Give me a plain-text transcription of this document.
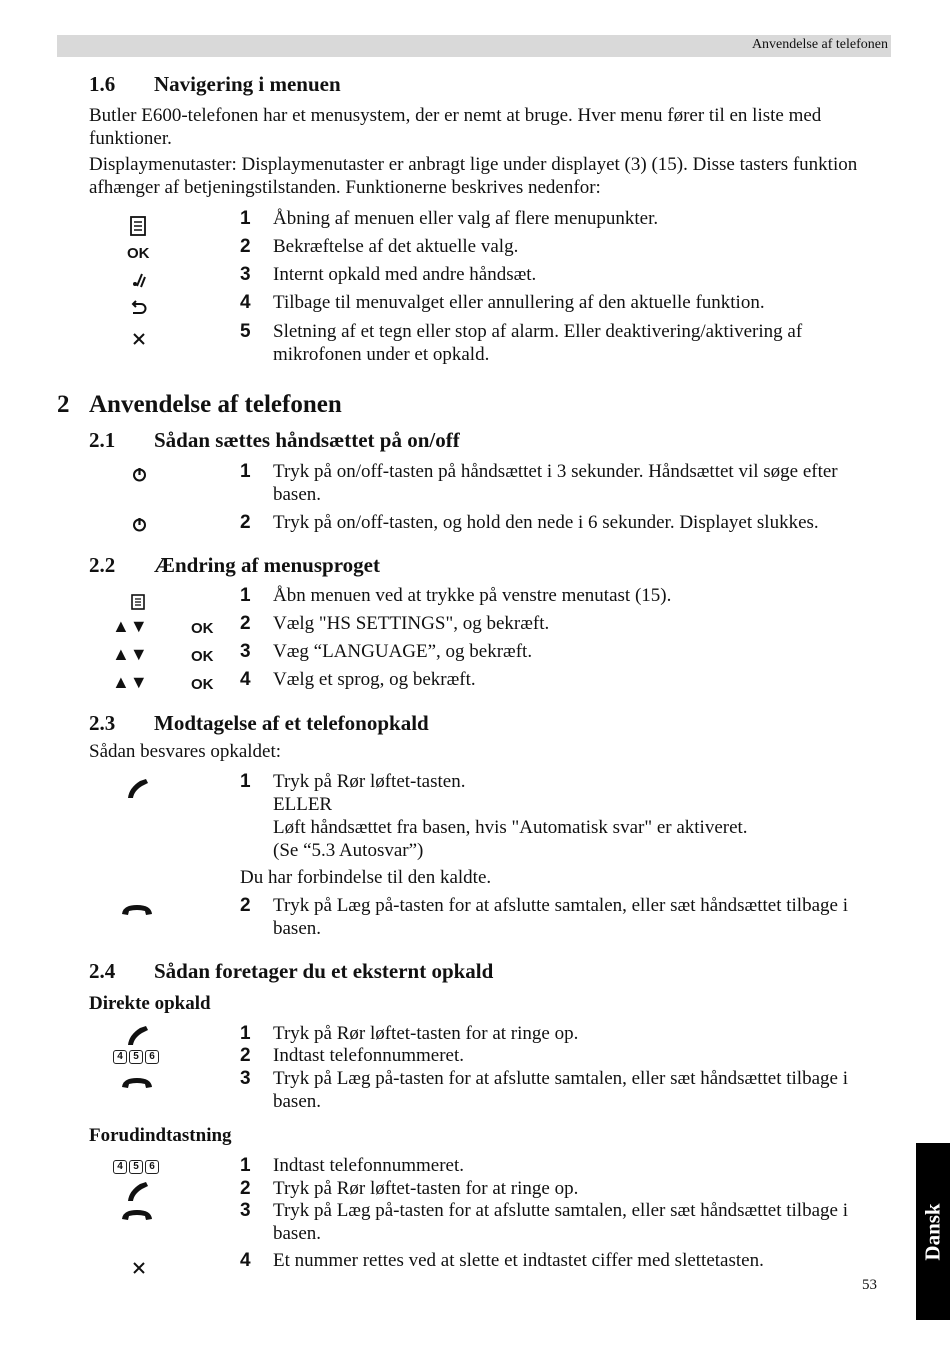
Anvendelse af telefonen
1.6 Navigering i menuen
Butler E600-telefonen har et menusystem, der er nemt at bruge. Hver menu fører til en liste med funktioner.
Displaymenutaster: Displaymenutaster er anbragt lige under displayet (3) (15). Disse tasters funktion afhænger af betjeningstilstanden. Funktionerne beskrives nedenfor:
OK
1 Åbning af menuen eller valg af flere menupunkter.
2 Bekræftelse af det aktuelle valg.
3 Internt opkald med andre håndsæt.
4 Tilbage til menuvalget eller annullering af den aktuelle funktion.
5 Sletning af et tegn eller stop af alarm. Eller deaktivering/aktivering af mikrofonen under et opkald.
2 Anvendelse af telefonen
2.1 Sådan sættes håndsættet på on/off
1 Tryk på on/off-tasten på håndsættet i 3 sekunder. Håndsættet vil søge efter basen.
2 Tryk på on/off-tasten, og hold den nede i 6 sekunder. Displayet slukkes.
2.2 Ændring af menusproget
▲▼	OK
▲▼	OK
▲▼	OK
1 Åbn menuen ved at trykke på venstre menutast (15).
2 Vælg "HS SETTINGS", og bekræft.
3 Væg “LANGUAGE”, og bekræft.
4 Vælg et sprog, og bekræft.
2.3 Modtagelse af et telefonopkald
Sådan besvares opkaldet:
1 Tryk på Rør løftet-tasten.
ELLER
Løft håndsættet fra basen, hvis "Automatisk svar" er aktiveret.
(Se “5.3 Autosvar”)
Du har forbindelse til den kaldte.
2 Tryk på Læg på-tasten for at afslutte samtalen, eller sæt håndsættet tilbage i basen.
2.4 Sådan foretager du et eksternt opkald
Direkte opkald
4	5	6
1 Tryk på Rør løftet-tasten for at ringe op.
2 Indtast telefonnummeret.
3 Tryk på Læg på-tasten for at afslutte samtalen, eller sæt håndsættet tilbage i basen.
Forudindtastning
4	5	6	1 Indtast telefonnummeret.
2 Tryk på Rør løftet-tasten for at ringe op.
3 Tryk på Læg på-tasten for at afslutte samtalen, eller sæt håndsættet tilbage i basen.
4 Et nummer rettes ved at slette et indtastet ciffer med slettetasten.
Dansk
53
